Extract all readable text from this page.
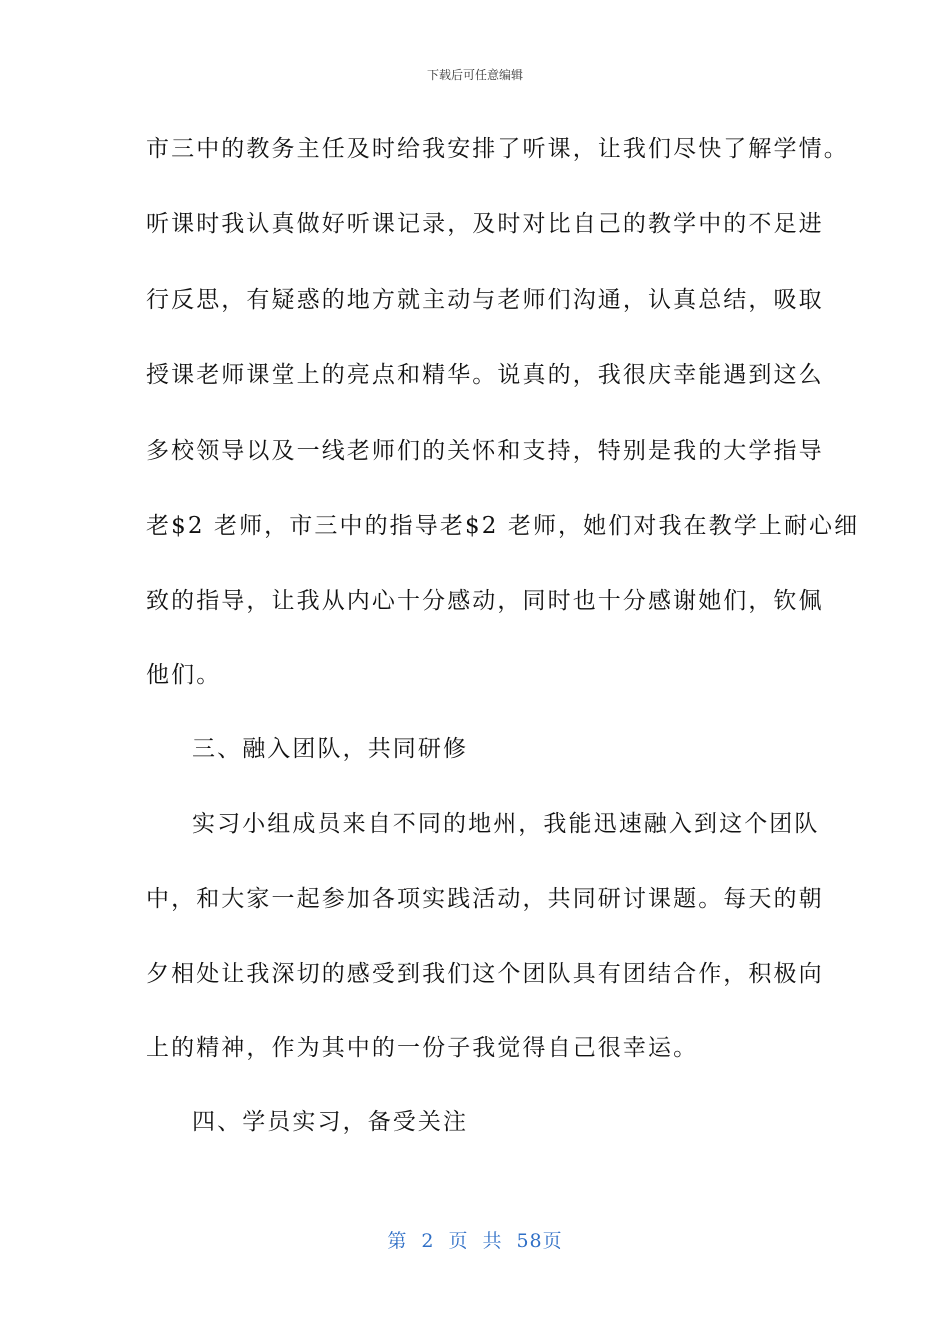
下载后可任意编辑
市三中的教务主任及时给我安排了听课，让我们尽快了解学情。
听课时我认真做好听课记录，及时对比自己的教学中的不足进
行反思，有疑惑的地方就主动与老师们沟通，认真总结，吸取
授课老师课堂上的亮点和精华。说真的，我很庆幸能遇到这么
多校领导以及一线老师们的关怀和支持，特别是我的大学指导
老$2 老师，市三中的指导老$2 老师，她们对我在教学上耐心细
致的指导，让我从内心十分感动，同时也十分感谢她们，钦佩
他们。
三、融入团队，共同研修
实习小组成员来自不同的地州，我能迅速融入到这个团队
中，和大家一起参加各项实践活动，共同研讨课题。每天的朝
夕相处让我深切的感受到我们这个团队具有团结合作，积极向
上的精神，作为其中的一份子我觉得自己很幸运。
四、学员实习，备受关注
第 2 页 共 58页
